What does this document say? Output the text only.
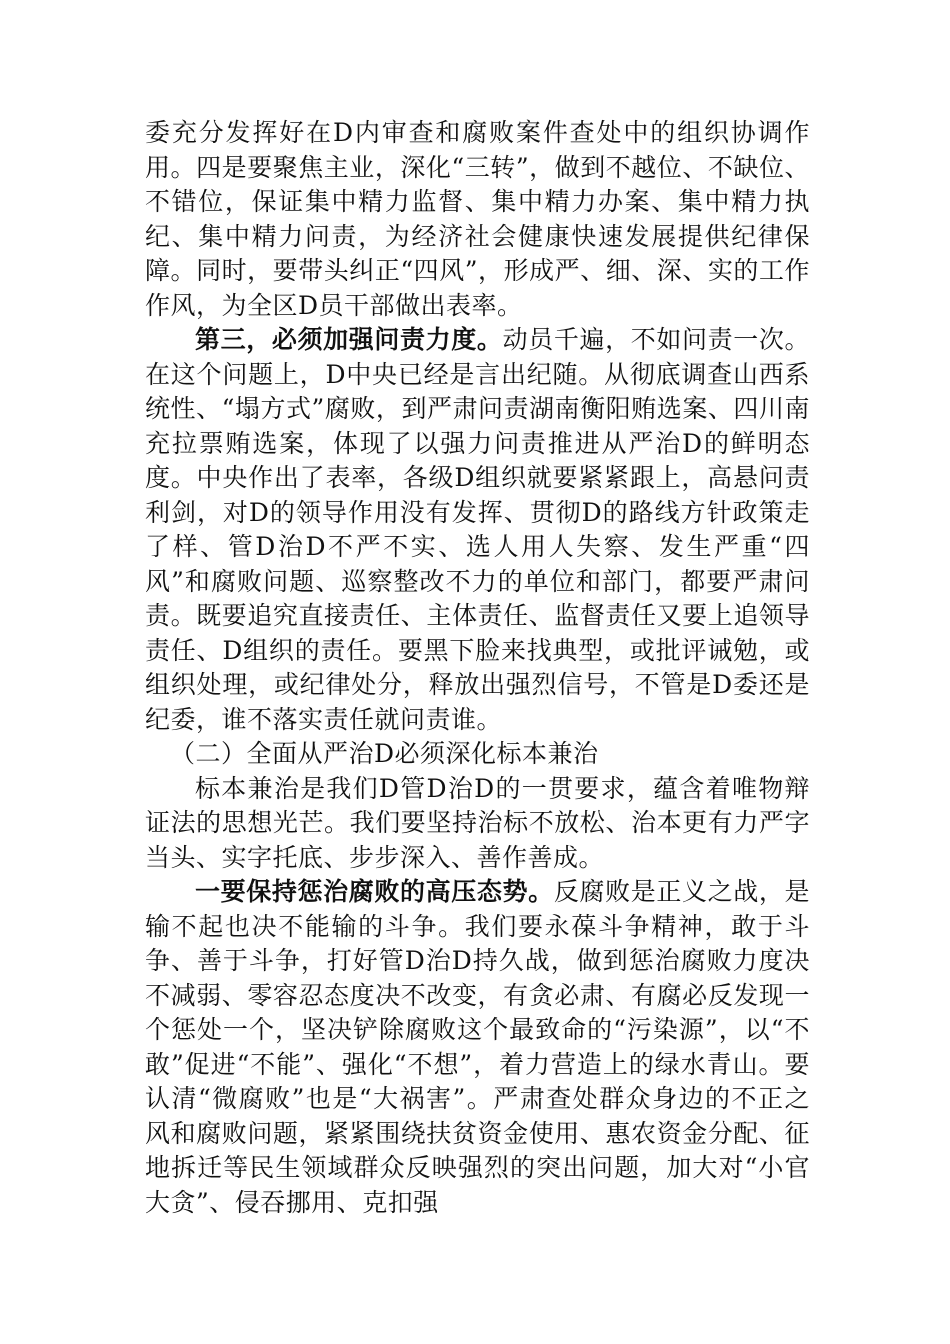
委充分发挥好在D内审查和腐败案件查处中的组织协调作用。四是要聚焦主业，深化“三转”，做到不越位、不缺位、不错位，保证集中精力监督、集中精力办案、集中精力执纪、集中精力问责，为经济社会健康快速发展提供纪律保障。同时，要带头纠正“四风”，形成严、细、深、实的工作作风，为全区D员干部做出表率。

第三，必须加强问责力度。动员千遍，不如问责一次。在这个问题上，D中央已经是言出纪随。从彻底调查山西系统性、“塌方式”腐败，到严肃问责湖南衡阳贿选案、四川南充拉票贿选案，体现了以强力问责推进从严治D的鲜明态度。中央作出了表率，各级D组织就要紧紧跟上，高悬问责利剑，对D的领导作用没有发挥、贯彻D的路线方针政策走了样、管D治D不严不实、选人用人失察、发生严重“四风”和腐败问题、巡察整改不力的单位和部门，都要严肃问责。既要追究直接责任、主体责任、监督责任又要上追领导责任、D组织的责任。要黑下脸来找典型，或批评诫勉，或组织处理，或纪律处分，释放出强烈信号，不管是D委还是纪委，谁不落实责任就问责谁。

（二）全面从严治D必须深化标本兼治

标本兼治是我们D管D治D的一贯要求，蕴含着唯物辩证法的思想光芒。我们要坚持治标不放松、治本更有力严字当头、实字托底、步步深入、善作善成。

一要保持惩治腐败的高压态势。反腐败是正义之战，是输不起也决不能输的斗争。我们要永葆斗争精神，敢于斗争、善于斗争，打好管D治D持久战，做到惩治腐败力度决不减弱、零容忍态度决不改变，有贪必肃、有腐必反发现一个惩处一个，坚决铲除腐败这个最致命的“污染源”，以“不敢”促进“不能”、强化“不想”，着力营造上的绿水青山。要认清“微腐败”也是“大祸害”。严肃查处群众身边的不正之风和腐败问题，紧紧围绕扶贫资金使用、惠农资金分配、征地拆迁等民生领域群众反映强烈的突出问题，加大对“小官大贪”、侵吞挪用、克扣强
